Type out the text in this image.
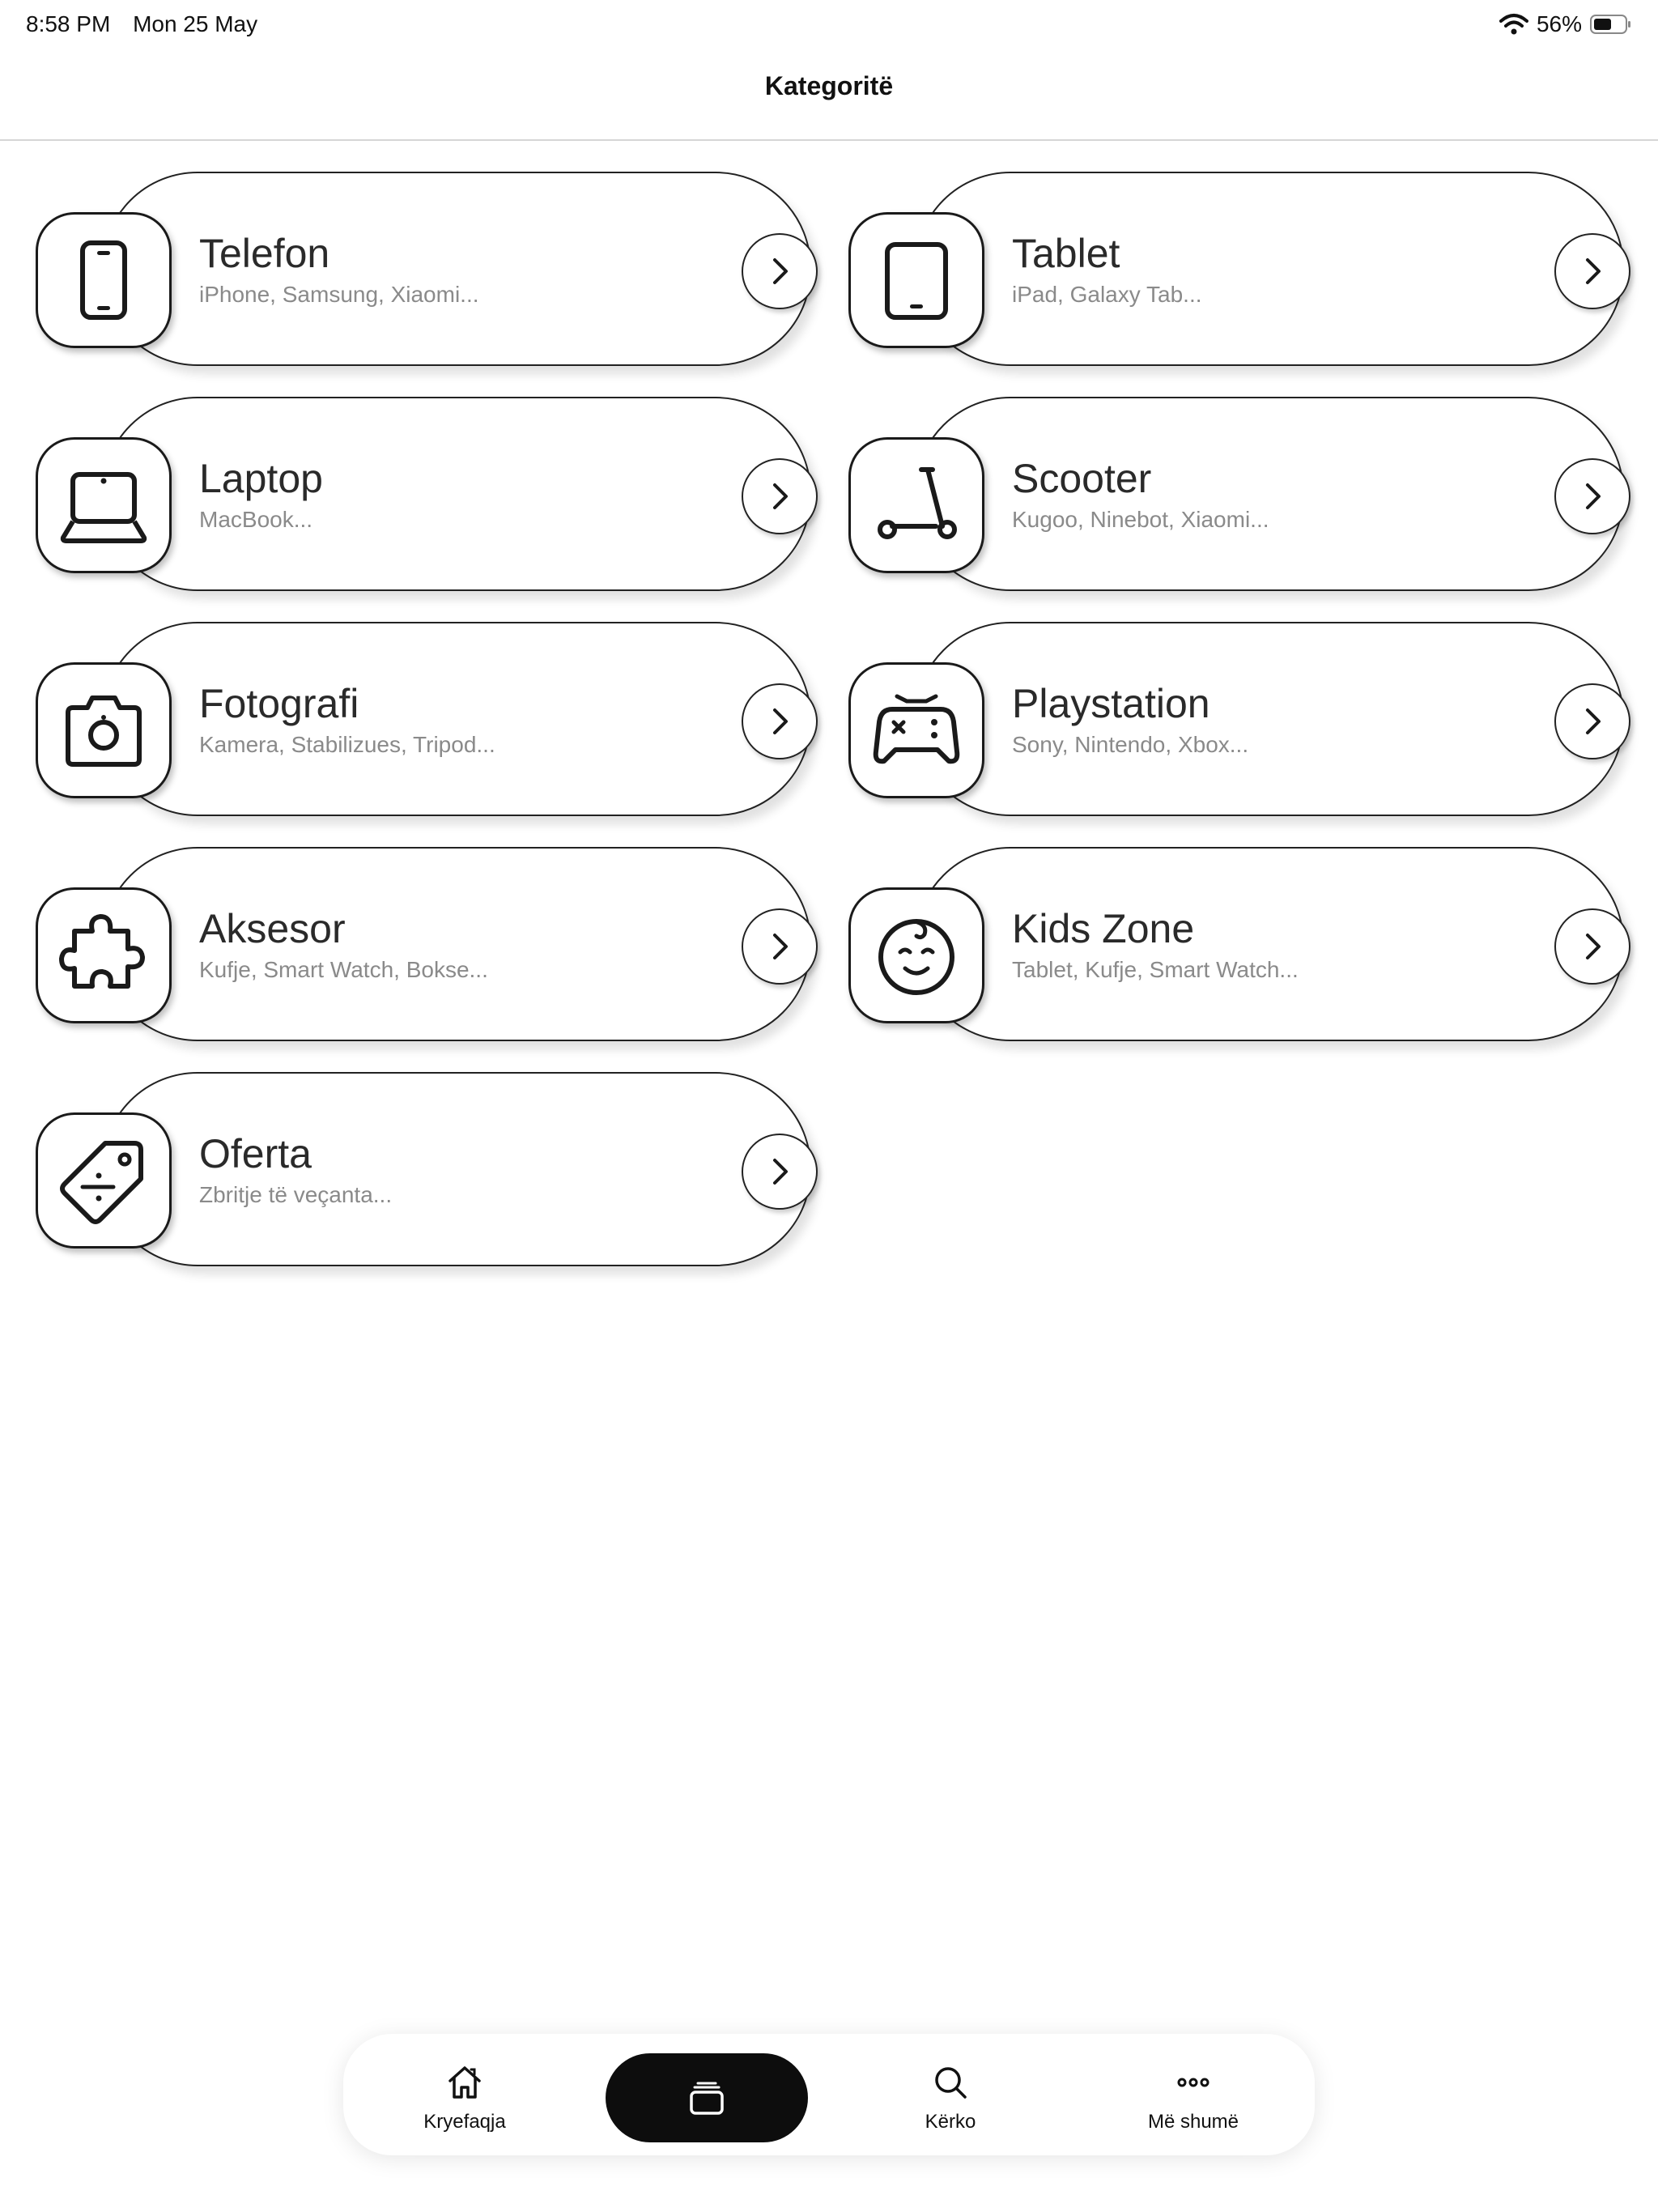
8:58 PM Mon 25 May	56%
Kategoritë
Telefon
iPhone, Samsung, Xiaomi...
Tablet
iPad, Galaxy Tab...
Laptop
MacBook...
Scooter
Kugoo, Ninebot, Xiaomi...
Fotografi
Kamera, Stabilizues, Tripod...
Playstation
Sony, Nintendo, Xbox...
Aksesor
Kufje, Smart Watch, Bokse...
Kids Zone
Tablet, Kufje, Smart Watch...
Oferta
Zbritje të veçanta...
Kryefaqja	Kërko	Më shumë
